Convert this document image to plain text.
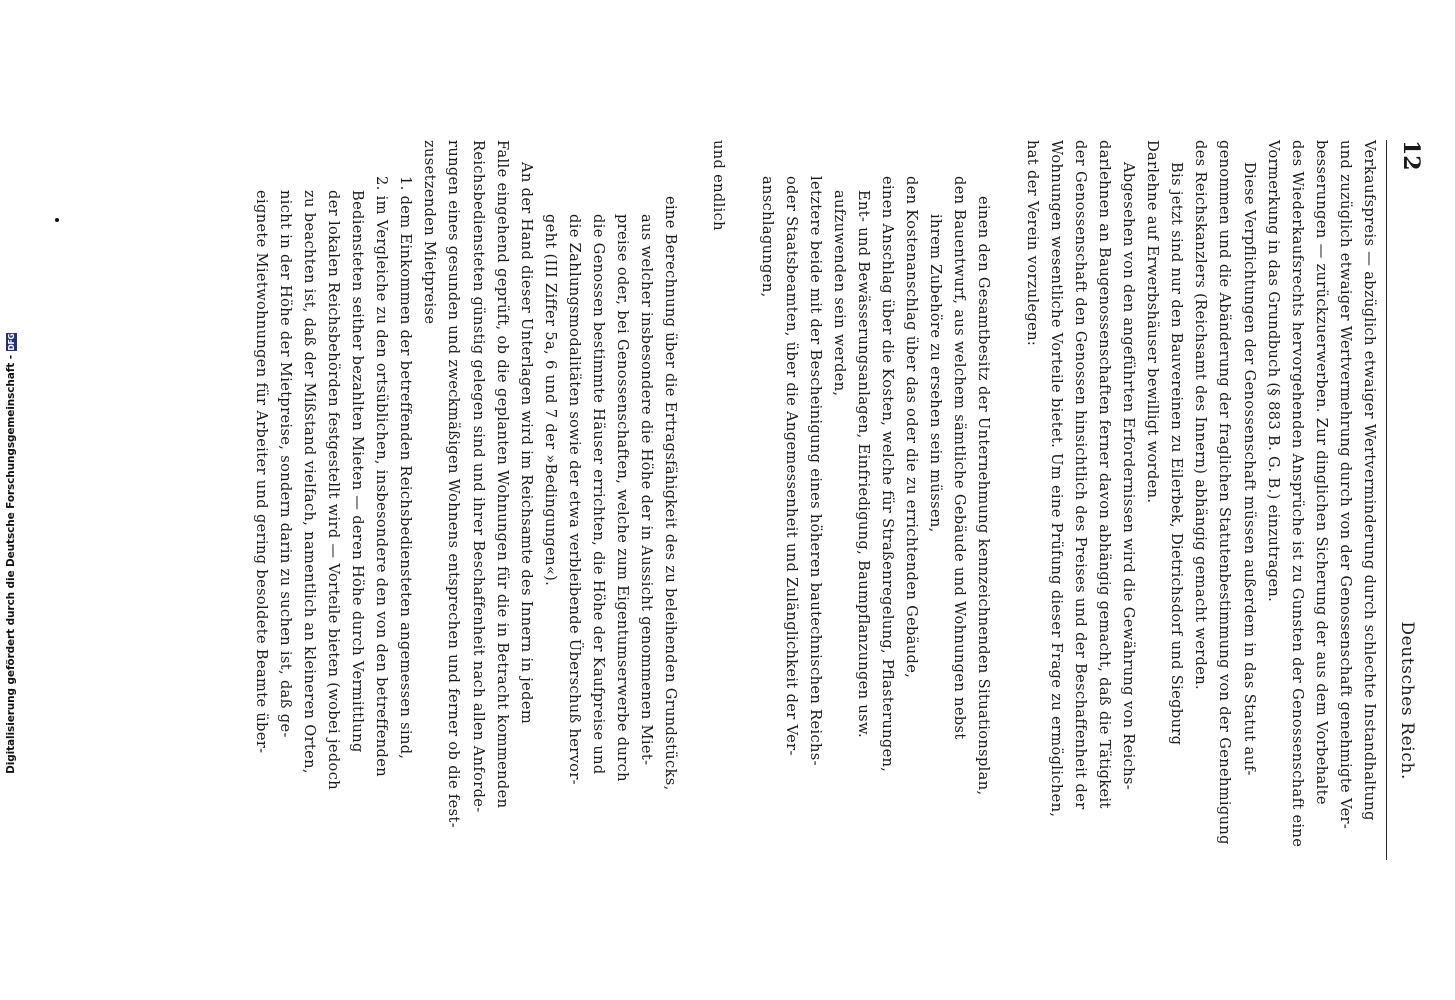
12
Deutsches Reich.
Verkaufspreis — abzüglich etwaiger Wertverminderung durch schlechte Instandhaltung
und zuzüglich etwaiger Wertvermehrung durch von der Genossenschaft genehmigte Ver-
besserungen — zurückzuerwerben. Zur dinglichen Sicherung der aus dem Vorbehalte
des Wiederkaufsrechts hervorgehenden Ansprüche ist zu Gunsten der Genossenschaft eine
Vormerkung in das Grundbuch (§ 883 B. G. B.) einzutragen.
Diese Verpflichtungen der Genossenschaft müssen außerdem in das Statut auf-
genommen und die Abänderung der fraglichen Statutenbestimmung von der Genehmigung
des Reichskanzlers (Reichsamt des Innern) abhängig gemacht werden.
Bis jetzt sind nur den Bauvereinen zu Eilerbek, Dietrichsdorf und Siegburg
Darlehne auf Erwerbshäuser bewilligt worden.
Abgesehen von den angeführten Erfordernissen wird die Gewährung von Reichs-
darlehnen an Baugenossenschaften ferner davon abhängig gemacht, daß die Tätigkeit
der Genossenschaft den Genossen hinsichtlich des Preises und der Beschaffenheit der
Wohnungen wesentliche Vorteile bietet. Um eine Prüfung dieser Frage zu ermöglichen,
hat der Verein vorzulegen:
einen den Gesamtbesitz der Unternehmung kennzeichnenden Situationsplan,
den Bauentwurf, aus welchem sämtliche Gebäude und Wohnungen nebst
ihrem Zubehöre zu ersehen sein müssen,
den Kostenanschlag über das oder die zu errichtenden Gebäude,
einen Anschlag über die Kosten, welche für Straßenregelung, Pflasterungen,
Ent- und Bewässerungsanlagen, Einfriedigung, Baumpflanzungen usw.
aufzuwenden sein werden,
letztere beide mit der Bescheinigung eines höheren bautechnischen Reichs-
oder Staatsbeamten, über die Angemessenheit und Zulänglichkeit der Ver-
anschlagungen,
und endlich
eine Berechnung über die Ertragsfähigkeit des zu beleihenden Grundstücks,
aus welcher insbesondere die Höhe der in Aussicht genommenen Miet-
preise oder, bei Genossenschaften, welche zum Eigentumserwerbe durch
die Genossen bestimmte Häuser errichten, die Höhe der Kaufpreise und
die Zahlungsmodalitäten sowie der etwa verbleibende Überschuß hervor-
geht (III Ziffer 5a, 6 und 7 der »Bedingungen«).
An der Hand dieser Unterlagen wird im Reichsamte des Innern in jedem
Falle eingehend geprüft, ob die geplanten Wohnungen für die in Betracht kommenden
Reichsbediensteten günstig gelegen sind und ihrer Beschaffenheit nach allen Anforde-
rungen eines gesunden und zweckmäßigen Wohnens entsprechen und ferner ob die fest-
zusetzenden Mietpreise
1. dem Einkommen der betreffenden Reichsbediensteten angemessen sind,
2. im Vergleiche zu den ortsüblichen, insbesondere den von den betreffenden
Bediensteten seither bezahlten Mieten — deren Höhe durch Vermittlung
der lokalen Reichsbehörden festgestellt wird — Vorteile bieten (wobei jedoch
zu beachten ist, daß der Mißstand vielfach, namentlich an kleineren Orten,
nicht in der Höhe der Mietpreise, sondern darin zu suchen ist, daß ge-
eignete Mietwohnungen für Arbeiter und gering besoldete Beamte über-
Digitalisierung gefördert durch die Deutsche Forschungsgemeinschaft -DFG
